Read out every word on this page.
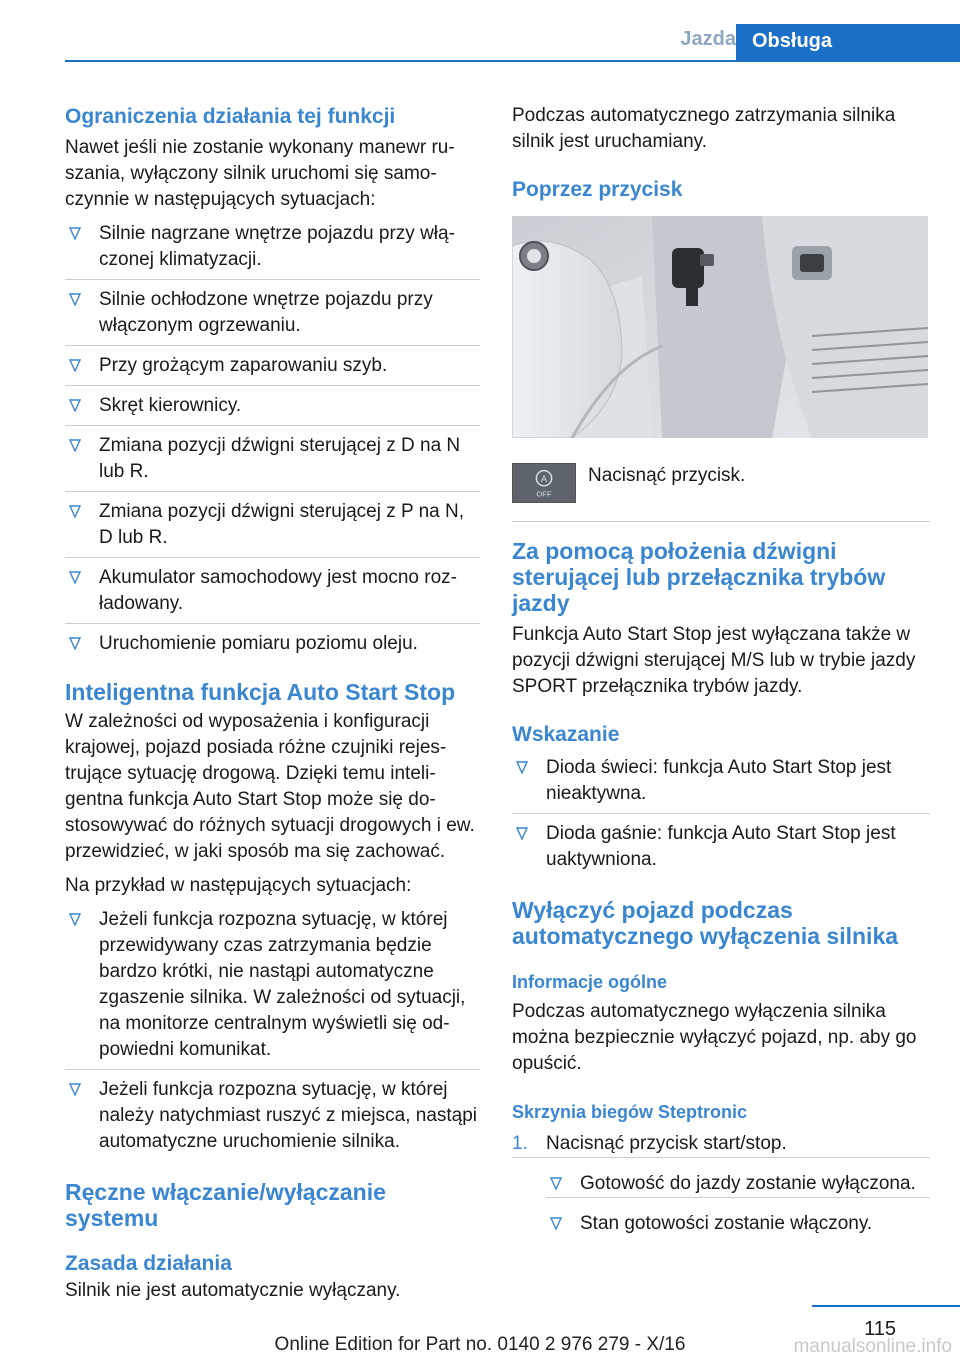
Jazda Obsługa
Ograniczenia działania tej funkcji

Nawet jeśli nie zostanie wykonany manewr ruszania, wyłączony silnik uruchomi się samoczynnie w następujących sytuacjach:

Silnie nagrzane wnętrze pojazdu przy włączonej klimatyzacji.
Silnie ochłodzone wnętrze pojazdu przy włączonym ogrzewaniu.
Przy grożącym zaparowaniu szyb.
Skręt kierownicy.
Zmiana pozycji dźwigni sterującej z D na N lub R.
Zmiana pozycji dźwigni sterującej z P na N, D lub R.
Akumulator samochodowy jest mocno rozładowany.
Uruchomienie pomiaru poziomu oleju.
Inteligentna funkcja Auto Start Stop

W zależności od wyposażenia i konfiguracji krajowej, pojazd posiada różne czujniki rejestrujące sytuację drogową. Dzięki temu inteligentna funkcja Auto Start Stop może się dostosowywać do różnych sytuacji drogowych i ew. przewidzieć, w jaki sposób ma się zachować.

Na przykład w następujących sytuacjach:

Jeżeli funkcja rozpozna sytuację, w której przewidywany czas zatrzymania będzie bardzo krótki, nie nastąpi automatyczne zgaszenie silnika. W zależności od sytuacji, na monitorze centralnym wyświetli się odpowiedni komunikat.
Jeżeli funkcja rozpozna sytuację, w której należy natychmiast ruszyć z miejsca, nastąpi automatyczne uruchomienie silnika.
Ręczne włączanie/wyłączanie systemu
Zasada działania

Silnik nie jest automatycznie wyłączany.

Podczas automatycznego zatrzymania silnika silnik jest uruchamiany.

Poprzez przycisk
A
OFF

Nacisnąć przycisk.

Za pomocą położenia dźwigni sterującej lub przełącznika trybów jazdy

Funkcja Auto Start Stop jest wyłączana także w pozycji dźwigni sterującej M/S lub w trybie jazdy SPORT przełącznika trybów jazdy.

Wskazanie
Dioda świeci: funkcja Auto Start Stop jest nieaktywna.
Dioda gaśnie: funkcja Auto Start Stop jest uaktywniona.
Wyłączyć pojazd podczas automatycznego wyłączenia silnika
Informacje ogólne

Podczas automatycznego wyłączenia silnika można bezpiecznie wyłączyć pojazd, np. aby go opuścić.

Skrzynia biegów Steptronic
1. Nacisnąć przycisk start/stop.
Gotowość do jazdy zostanie wyłączona.
Stan gotowości zostanie włączony.
115
Online Edition for Part no. 0140 2 976 279 - X/16	manualsonline.info
